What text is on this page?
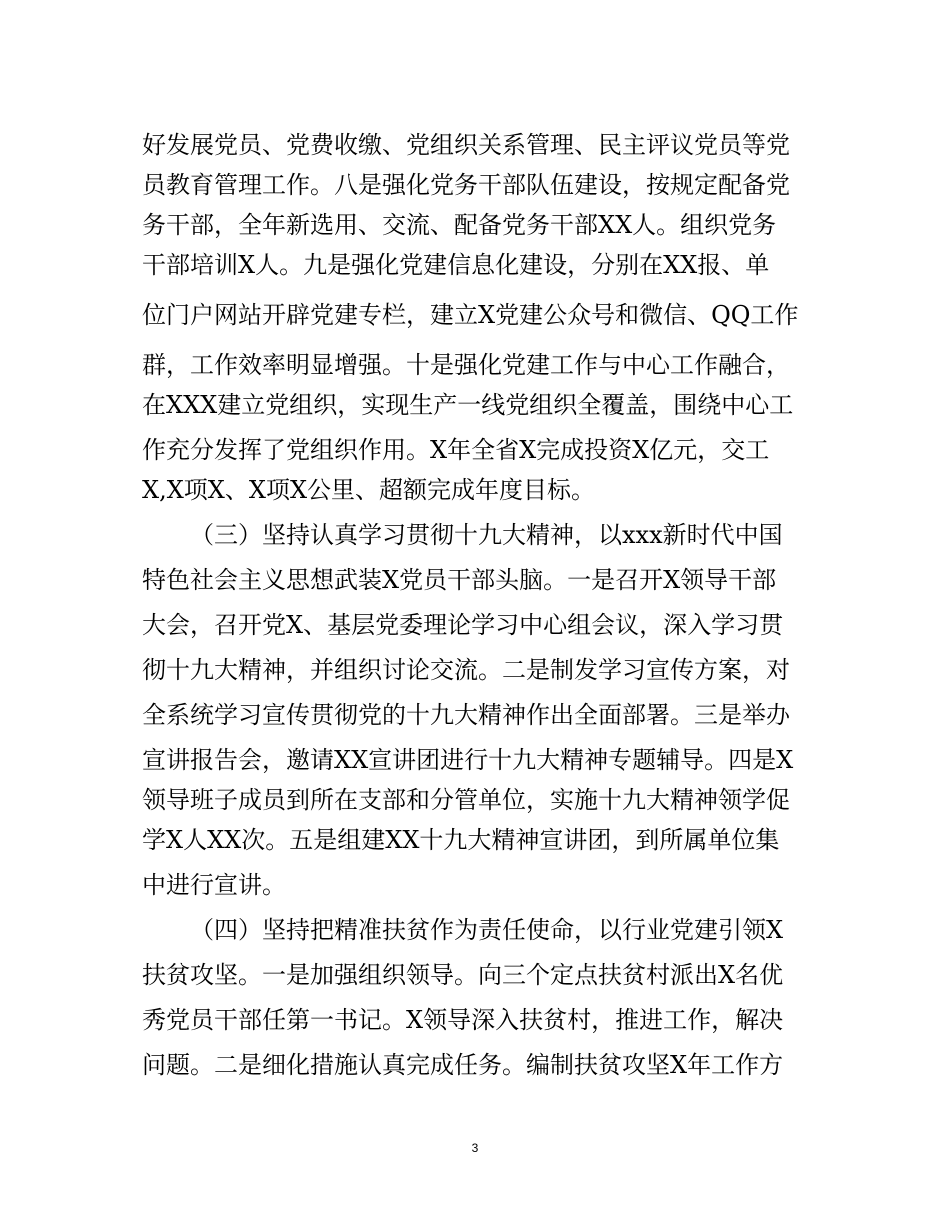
好发展党员、党费收缴、党组织关系管理、民主评议党员等党
员教育管理工作。八是强化党务干部队伍建设，按规定配备党
务干部，全年新选用、交流、配备党务干部XX人。组织党务
干部培训X人。九是强化党建信息化建设，分别在XX报、单
位门户网站开辟党建专栏，建立X党建公众号和微信、QQ工作
群，工作效率明显增强。十是强化党建工作与中心工作融合，
在XXX建立党组织，实现生产一线党组织全覆盖，围绕中心工
作充分发挥了党组织作用。X年全省X完成投资X亿元，交工
X,X项X、X项X公里、超额完成年度目标。
（三）坚持认真学习贯彻十九大精神，以xxx新时代中国
特色社会主义思想武装X党员干部头脑。一是召开X领导干部
大会，召开党X、基层党委理论学习中心组会议，深入学习贯
彻十九大精神，并组织讨论交流。二是制发学习宣传方案，对
全系统学习宣传贯彻党的十九大精神作出全面部署。三是举办
宣讲报告会，邀请XX宣讲团进行十九大精神专题辅导。四是X
领导班子成员到所在支部和分管单位，实施十九大精神领学促
学X人XX次。五是组建XX十九大精神宣讲团，到所属单位集
中进行宣讲。
（四）坚持把精准扶贫作为责任使命，以行业党建引领X
扶贫攻坚。一是加强组织领导。向三个定点扶贫村派出X名优
秀党员干部任第一书记。X领导深入扶贫村，推进工作，解决
问题。二是细化措施认真完成任务。编制扶贫攻坚X年工作方
3
